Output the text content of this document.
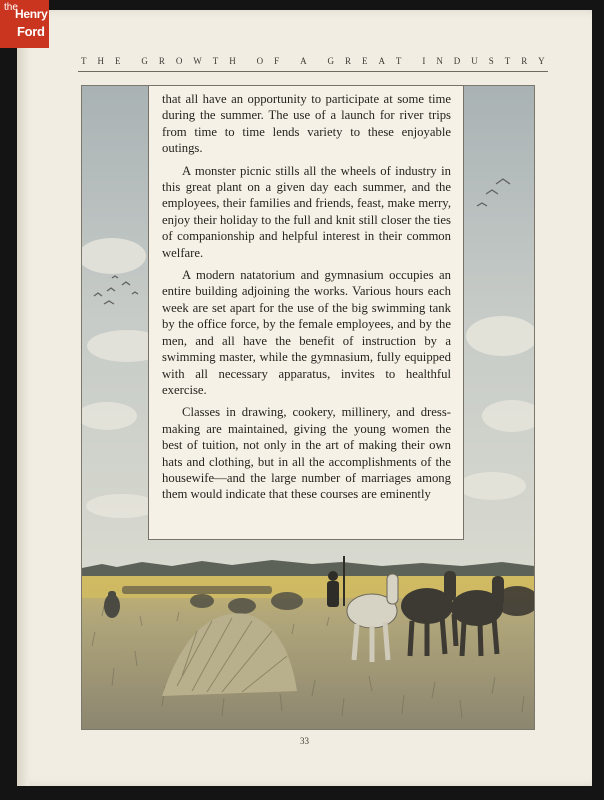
T H E G R O W T H O F A G R E A T I N D U S T R Y

that all have an opportunity to participate at some time during the summer. The use of a launch for river trips from time to time lends variety to these enjoyable outings.

A monster picnic stills all the wheels of industry in this great plant on a given day each summer, and the employees, their families and friends, feast, make merry, enjoy their holiday to the full and knit still closer the ties of companionship and helpful interest in their common welfare.

A modern natatorium and gymnasium occupies an entire building adjoining the works. Various hours each week are set apart for the use of the big swimming tank by the office force, by the female employees, and by the men, and all have the benefit of instruction by a swimming master, while the gymnasium, fully equipped with all necessary apparatus, invites to healthful exercise.

Classes in drawing, cookery, millinery, and dress-making are maintained, giving the young women the best of tuition, not only in the art of making their own hats and clothing, but in all the accomplishments of the housewife—and the large number of marriages among them would indicate that these courses are eminently

33
the
Henry
Ford
